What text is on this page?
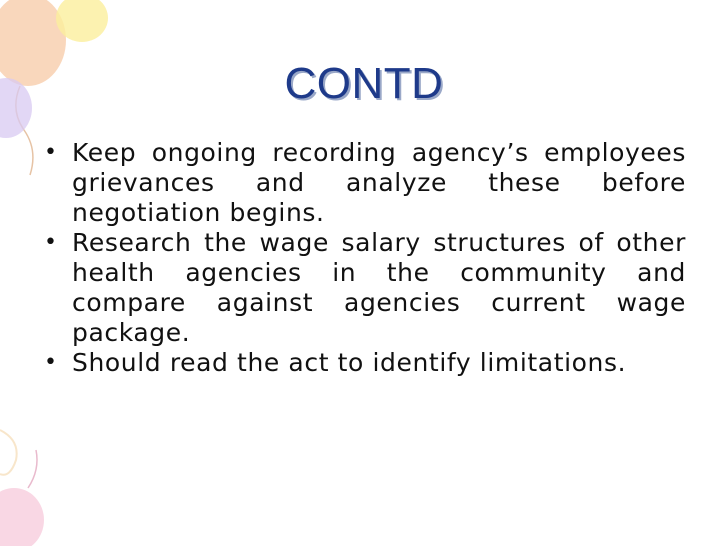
CONTD

• Keep ongoing recording agency’s employees grievances and analyze these before negotiation begins.

• Research the wage salary structures of other health agencies in the community and compare against agencies current wage package.

• Should read the act to identify limitations.
